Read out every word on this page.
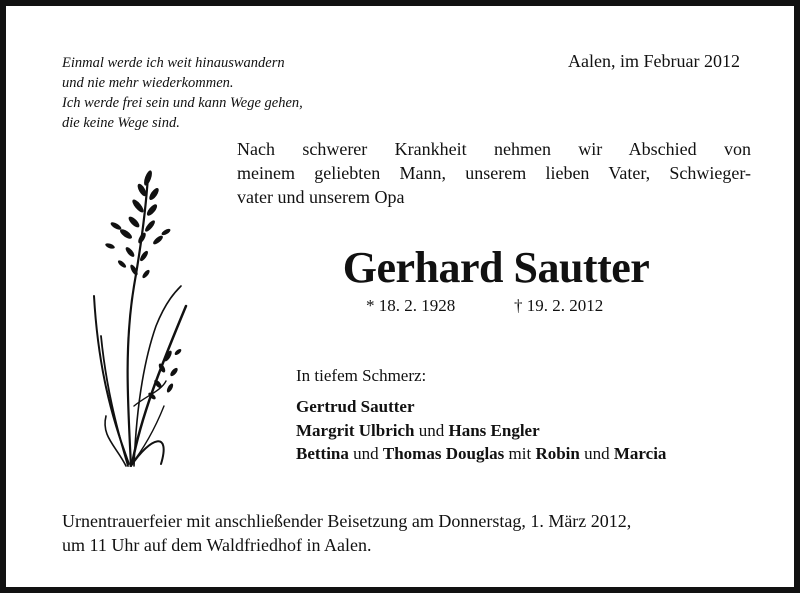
Einmal werde ich weit hinauswandern
und nie mehr wiederkommen.
Ich werde frei sein und kann Wege gehen,
die keine Wege sind.
Aalen, im Februar 2012
Nach schwerer Krankheit nehmen wir Abschied von
meinem geliebten Mann, unserem lieben Vater, Schwieger-
vater und unserem Opa
Gerhard Sautter
* 18. 2. 1928	† 19. 2. 2012
In tiefem Schmerz:
Gertrud Sautter
Margrit Ulbrich und Hans Engler
Bettina und Thomas Douglas mit Robin und Marcia
Urnentrauerfeier mit anschließender Beisetzung am Donnerstag, 1. März 2012,
um 11 Uhr auf dem Waldfriedhof in Aalen.
